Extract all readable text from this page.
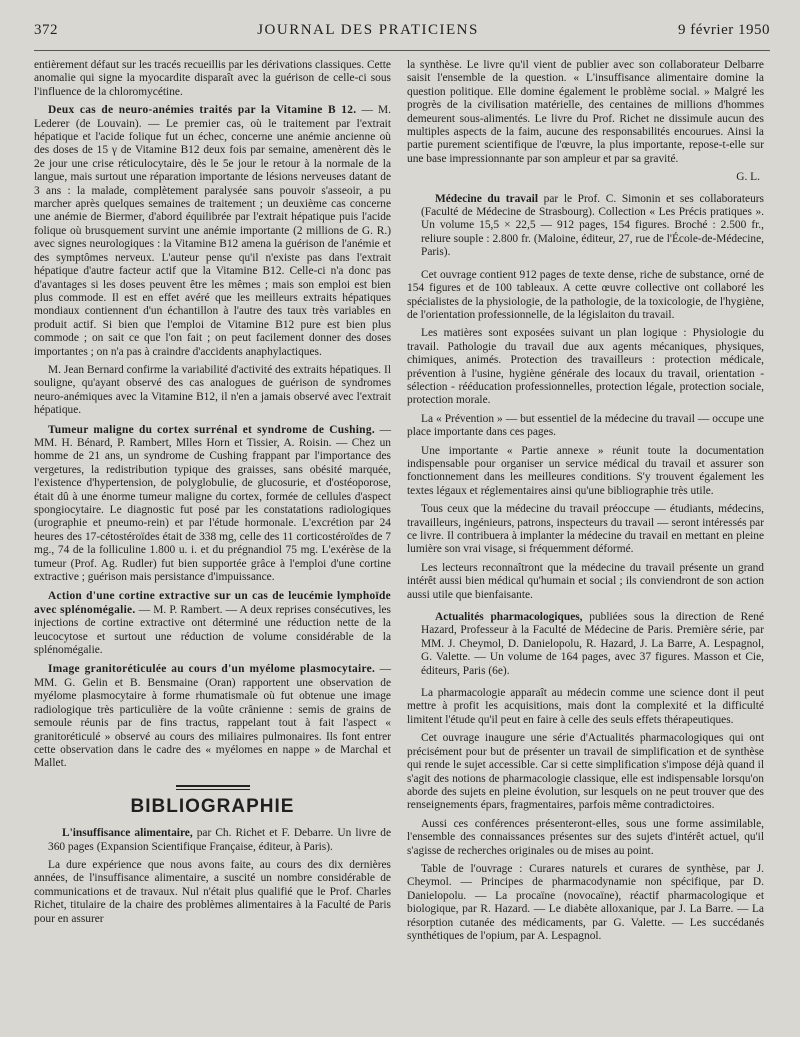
372	JOURNAL DES PRATICIENS	9 février 1950

entièrement défaut sur les tracés recueillis par les dérivations classiques. Cette anomalie qui signe la myocardite disparaît avec la guérison de celle-ci sous l'influence de la chloromycétine.

Deux cas de neuro-anémies traités par la Vitamine B 12. — M. Lederer (de Louvain). — Le premier cas, où le traitement par l'extrait hépatique et l'acide folique fut un échec, concerne une anémie ancienne où des doses de 15 γ de Vitamine B12 deux fois par semaine, amenèrent dès le 2e jour une crise réticulocytaire, dès le 5e jour le retour à la normale de la langue, mais surtout une réparation importante de lésions nerveuses datant de 3 ans : la malade, complètement paralysée sans pouvoir s'asseoir, a pu marcher après quelques semaines de traitement ; un deuxième cas concerne une anémie de Biermer, d'abord équilibrée par l'extrait hépatique puis l'acide folique où brusquement survint une anémie importante (2 millions de G. R.) avec signes neurologiques : la Vitamine B12 amena la guérison de l'anémie et des symptômes nerveux. L'auteur pense qu'il n'existe pas dans l'extrait hépatique d'autre facteur actif que la Vitamine B12. Celle-ci n'a donc pas d'avantages si les doses peuvent être les mêmes ; mais son emploi est bien plus commode. Il est en effet avéré que les meilleurs extraits hépatiques mondiaux contiennent d'un échantillon à l'autre des taux très variables en produit actif. Si bien que l'emploi de Vitamine B12 pure est bien plus commode ; on sait ce que l'on fait ; on peut facilement donner des doses importantes ; on n'a pas à craindre d'accidents anaphylactiques.

M. Jean Bernard confirme la variabilité d'activité des extraits hépatiques. Il souligne, qu'ayant observé des cas analogues de guérison de syndromes neuro-anémiques avec la Vitamine B12, il n'en a jamais observé avec l'extrait hépatique.

Tumeur maligne du cortex surrénal et syndrome de Cushing. — MM. H. Bénard, P. Rambert, Mlles Horn et Tissier, A. Roisin. — Chez un homme de 21 ans, un syndrome de Cushing frappant par l'importance des vergetures, la redistribution typique des graisses, sans obésité marquée, l'existence d'hypertension, de polyglobulie, de glucosurie, et d'ostéoporose, était dû à une énorme tumeur maligne du cortex, formée de cellules d'aspect spongiocytaire. Le diagnostic fut posé par les constatations radiologiques (urographie et pneumo-rein) et par l'étude hormonale. L'excrétion par 24 heures des 17-cétostéroïdes était de 338 mg, celle des 11 corticostéroïdes de 7 mg., 74 de la folliculine 1.800 u. i. et du prégnandiol 75 mg. L'exérèse de la tumeur (Prof. Ag. Rudler) fut bien supportée grâce à l'emploi d'une cortine extractive ; guérison mais persistance d'impuissance.

Action d'une cortine extractive sur un cas de leucémie lymphoïde avec splénomégalie. — M. P. Rambert. — A deux reprises consécutives, les injections de cortine extractive ont déterminé une réduction nette de la leucocytose et surtout une réduction de volume considérable de la splénomégalie.

Image granitoréticulée au cours d'un myélome plasmocytaire. — MM. G. Gelin et B. Bensmaine (Oran) rapportent une observation de myélome plasmocytaire à forme rhumatismale où fut obtenue une image radiologique très particulière de la voûte crânienne : semis de grains de semoule réunis par de fins tractus, rappelant tout à fait l'aspect « granitoréticulé » observé au cours des miliaires pulmonaires. Ils font entrer cette observation dans le cadre des « myélomes en nappe » de Marchal et Mallet.

BIBLIOGRAPHIE

L'insuffisance alimentaire, par Ch. Richet et F. Debarre. Un livre de 360 pages (Expansion Scientifique Française, éditeur, à Paris).

La dure expérience que nous avons faite, au cours des dix dernières années, de l'insuffisance alimentaire, a suscité un nombre considérable de communications et de travaux. Nul n'était plus qualifié que le Prof. Charles Richet, titulaire de la chaire des problèmes alimentaires à la Faculté de Paris pour en assurer

la synthèse. Le livre qu'il vient de publier avec son collaborateur Delbarre saisit l'ensemble de la question. « L'insuffisance alimentaire domine la question politique. Elle domine également le problème social. » Malgré les progrès de la civilisation matérielle, des centaines de millions d'hommes demeurent sous-alimentés. Le livre du Prof. Richet ne dissimule aucun des multiples aspects de la faim, aucune des responsabilités encourues. Ainsi la partie purement scientifique de l'œuvre, la plus importante, repose-t-elle sur une base impressionnante par son ampleur et par sa gravité.

G. L.

Médecine du travail par le Prof. C. Simonin et ses collaborateurs (Faculté de Médecine de Strasbourg). Collection « Les Précis pratiques ». Un volume 15,5 × 22,5 — 912 pages, 154 figures. Broché : 2.500 fr., reliure souple : 2.800 fr. (Maloine, éditeur, 27, rue de l'École-de-Médecine, Paris).

Cet ouvrage contient 912 pages de texte dense, riche de substance, orné de 154 figures et de 100 tableaux. A cette œuvre collective ont collaboré les spécialistes de la physiologie, de la pathologie, de la toxicologie, de l'hygiène, de l'orientation professionnelle, de la législaiton du travail.

Les matières sont exposées suivant un plan logique : Physiologie du travail. Pathologie du travail due aux agents mécaniques, physiques, chimiques, animés. Protection des travailleurs : protection médicale, prévention à l'usine, hygiène générale des locaux du travail, orientation - sélection - rééducation professionnelles, protection légale, protection sociale, protection morale.

La « Prévention » — but essentiel de la médecine du travail — occupe une place importante dans ces pages.

Une importante « Partie annexe » réunit toute la documentation indispensable pour organiser un service médical du travail et assurer son fonctionnement dans les meilleures conditions. S'y trouvent également les textes légaux et réglementaires ainsi qu'une bibliographie très utile.

Tous ceux que la médecine du travail préoccupe — étudiants, médecins, travailleurs, ingénieurs, patrons, inspecteurs du travail — seront intéressés par ce livre. Il contribuera à implanter la médecine du travail en mettant en pleine lumière son vrai visage, si fréquemment déformé.

Les lecteurs reconnaîtront que la médecine du travail présente un grand intérêt aussi bien médical qu'humain et social ; ils conviendront de son action aussi utile que bienfaisante.

Actualités pharmacologiques, publiées sous la direction de René Hazard, Professeur à la Faculté de Médecine de Paris. Première série, par MM. J. Cheymol, D. Danielopolu, R. Hazard, J. La Barre, A. Lespagnol, G. Valette. — Un volume de 164 pages, avec 37 figures. Masson et Cie, éditeurs, Paris (6e).

La pharmacologie apparaît au médecin comme une science dont il peut mettre à profit les acquisitions, mais dont la complexité et la difficulté limitent l'étude qu'il peut en faire à celle des seuls effets thérapeutiques.

Cet ouvrage inaugure une série d'Actualités pharmacologiques qui ont précisément pour but de présenter un travail de simplification et de synthèse qui rende le sujet accessible. Car si cette simplification s'impose déjà quand il s'agit des notions de pharmacologie classique, elle est indispensable lorsqu'on aborde des sujets en pleine évolution, sur lesquels on ne peut trouver que des renseignements épars, fragmentaires, parfois même contradictoires.

Aussi ces conférences présenteront-elles, sous une forme assimilable, l'ensemble des connaissances présentes sur des sujets d'intérêt actuel, qu'il s'agisse de recherches originales ou de mises au point.

Table de l'ouvrage : Curares naturels et curares de synthèse, par J. Cheymol. — Principes de pharmacodynamie non spécifique, par D. Danielopolu. — La procaïne (novocaïne), réactif pharmacologique et biologique, par R. Hazard. — Le diabète alloxanique, par J. La Barre. — La résorption cutanée des médicaments, par G. Valette. — Les succédanés synthétiques de l'opium, par A. Lespagnol.
